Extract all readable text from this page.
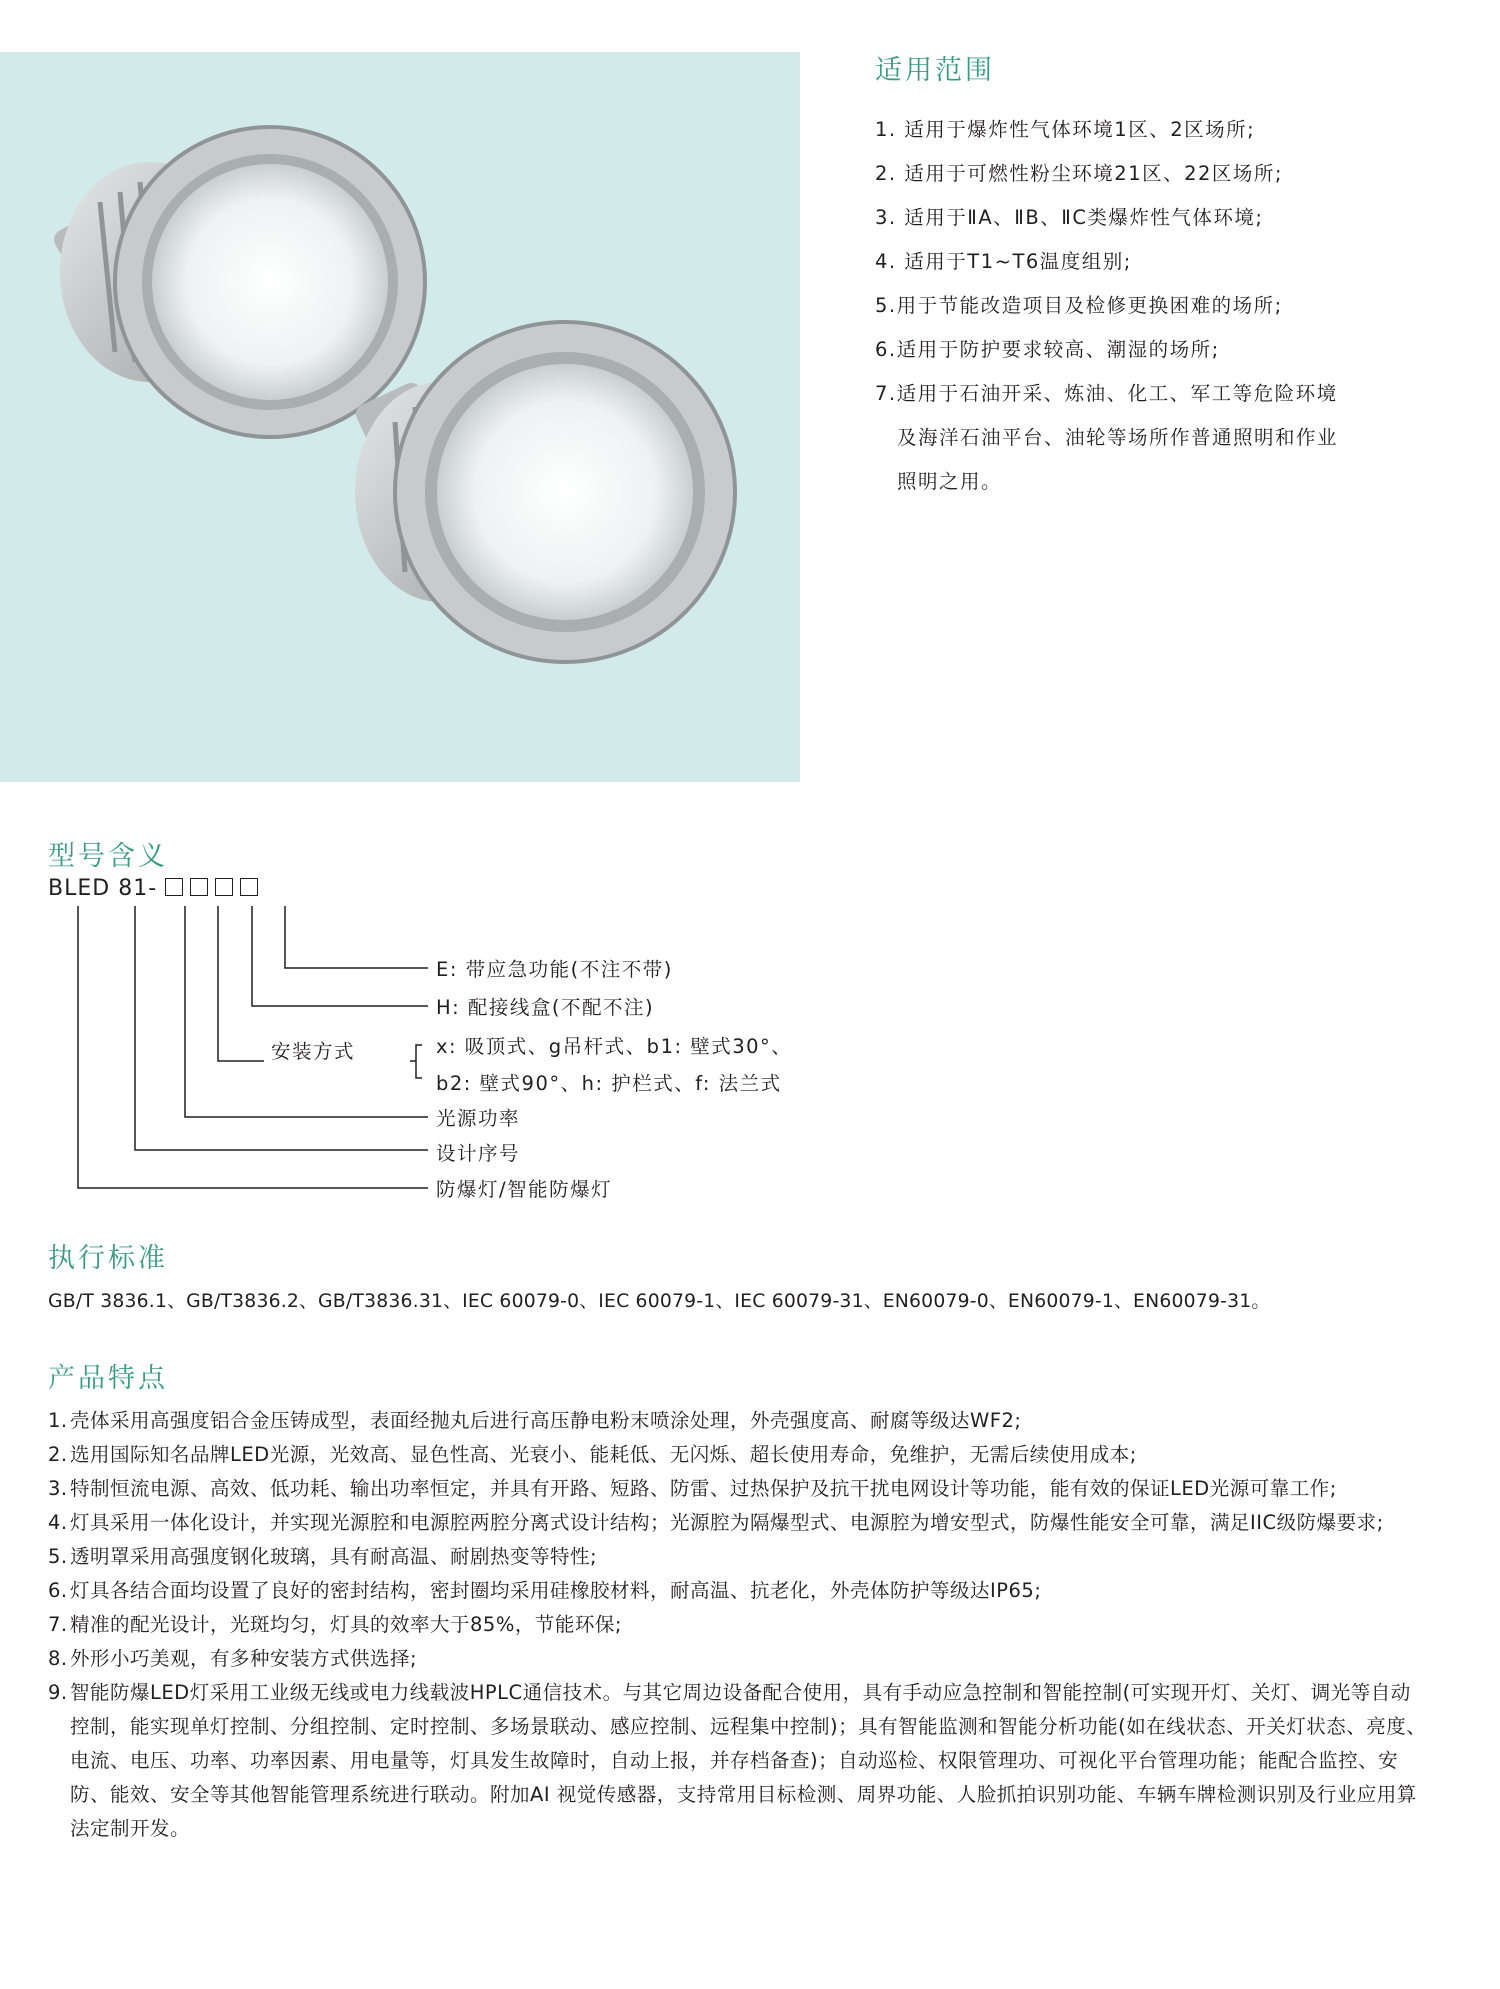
适用范围
1. 适用于爆炸性气体环境1区、2区场所;
2. 适用于可燃性粉尘环境21区、22区场所;
3. 适用于ⅡA、ⅡB、ⅡC类爆炸性气体环境;
4. 适用于T1~T6温度组别;
5.用于节能改造项目及检修更换困难的场所;
6.适用于防护要求较高、潮湿的场所;
7.适用于石油开采、炼油、化工、军工等危险环境
及海洋石油平台、油轮等场所作普通照明和作业
照明之用。
型号含义
BLED 81-
E: 带应急功能(不注不带)
H: 配接线盒(不配不注)
安装方式	x: 吸顶式、g吊杆式、b1: 壁式30°、
b2: 壁式90°、h: 护栏式、f: 法兰式
光源功率
设计序号
防爆灯/智能防爆灯
执行标准
GB/T 3836.1、GB/T3836.2、GB/T3836.31、IEC 60079-0、IEC 60079-1、IEC 60079-31、EN60079-0、EN60079-1、EN60079-31。
产品特点
1. 壳体采用高强度铝合金压铸成型，表面经抛丸后进行高压静电粉末喷涂处理，外壳强度高、耐腐等级达WF2;
2. 选用国际知名品牌LED光源，光效高、显色性高、光衰小、能耗低、无闪烁、超长使用寿命，免维护，无需后续使用成本;
3. 特制恒流电源、高效、低功耗、输出功率恒定，并具有开路、短路、防雷、过热保护及抗干扰电网设计等功能，能有效的保证LED光源可靠工作;
4. 灯具采用一体化设计，并实现光源腔和电源腔两腔分离式设计结构；光源腔为隔爆型式、电源腔为增安型式，防爆性能安全可靠，满足IIC级防爆要求;
5. 透明罩采用高强度钢化玻璃，具有耐高温、耐剧热变等特性;
6. 灯具各结合面均设置了良好的密封结构，密封圈均采用硅橡胶材料，耐高温、抗老化，外壳体防护等级达IP65;
7. 精准的配光设计，光斑均匀，灯具的效率大于85%，节能环保;
8. 外形小巧美观，有多种安装方式供选择;
9. 智能防爆LED灯采用工业级无线或电力线载波HPLC通信技术。与其它周边设备配合使用，具有手动应急控制和智能控制(可实现开灯、关灯、调光等自动控制，能实现单灯控制、分组控制、定时控制、多场景联动、感应控制、远程集中控制)；具有智能监测和智能分析功能(如在线状态、开关灯状态、亮度、电流、电压、功率、功率因素、用电量等，灯具发生故障时，自动上报，并存档备查)；自动巡检、权限管理功、可视化平台管理功能；能配合监控、安防、能效、安全等其他智能管理系统进行联动。附加AI 视觉传感器，支持常用目标检测、周界功能、人脸抓拍识别功能、车辆车牌检测识别及行业应用算法定制开发。
